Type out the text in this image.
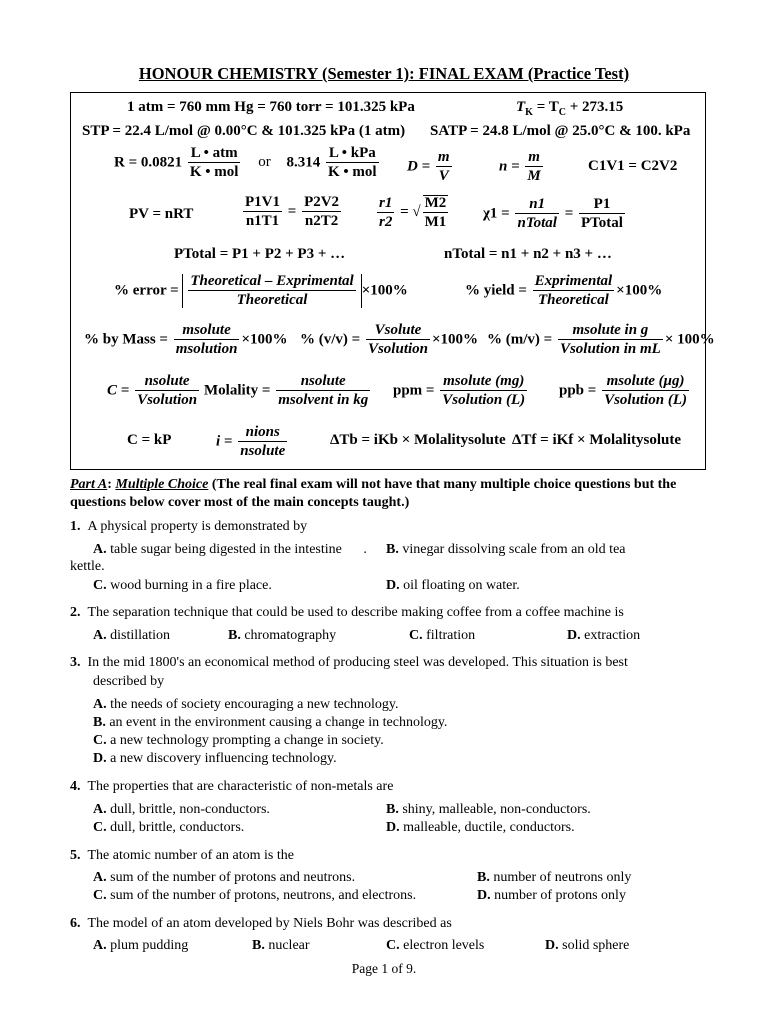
HONOUR CHEMISTRY (Semester 1): FINAL EXAM (Practice Test)
1 atm = 760 mm Hg = 760 torr = 101.325 kPa	$T_K = T_C + 273.15$
STP = 22.4 L/mol @ 0.00°C & 101.325 kPa (1 atm) SATP = 24.8 L/mol @ 25.0°C & 100. kPa
$R = 0.0821 \frac{\text{L • atm}}{\text{K • mol}}$ or $8.314 \frac{\text{L • kPa}}{\text{K • mol}}$ $D = \frac{m}{V}$	$n = \frac{m}{M}$	C1V1 = C2V2
PV = nRT	$\frac{P1V1}{n1T1} = \frac{P2V2}{n2T2} \frac{r1}{r2}$ = √ $\frac{M2}{M1} \chi 1 = \frac{n1}{\text{nTotal}} = \frac{P1}{\text{PTotal}}$
PTotal = P1 + P2 + P3 + …	nTotal = n1 + n2 + n3 + …
% error = $\frac{\text{Theoretical – Exprimental}}{\text{Theoretical}} \times 100\%$	% yield = $\frac{\text{Exprimental}}{\text{Theoretical}} \times 100\%$
% by Mass = $\frac{\text{msolute}}{\text{msolution}} \times 100\%$ % $(v/v) = \frac{\text{Vsolute}}{\text{Vsolution}} \times 100\%$ % $(m/v) = \frac{\text{msolute in g}}{\text{Vsolution in mL}} \times 100\%$
$C = \frac{\text{nsolute}}{\text{Vsolution}}$ Molality = $\frac{\text{nsolute}}{\text{msolvent in kg}}$ ppm = $\frac{\text{msolute (mg)}}{\text{Vsolution (L)}}$ ppb = $\frac{\text{msolute (μg)}}{\text{Vsolution (L)}}$
C = kP	$i = \frac{\text{nions}}{\text{nsolute}}$	ΔTb = iKb × Molalitysolute ΔTf = iKf × Molalitysolute
Part A: Multiple Choice (The real final exam will not have that many multiple choice questions but the questions below cover most of the main concepts taught.)
1. A physical property is demonstrated by
A. table sugar being digested in the intestine . B. vinegar dissolving scale from an old tea
kettle.
C. wood burning in a fire place.	D. oil floating on water.
2. The separation technique that could be used to describe making coffee from a coffee machine is
A. distillation	B. chromatography	C. filtration	D. extraction
3. In the mid 1800's an economical method of producing steel was developed. This situation is best
described by
A. the needs of society encouraging a new technology.
B. an event in the environment causing a change in technology.
C. a new technology prompting a change in society.
D. a new discovery influencing technology.
4. The properties that are characteristic of non-metals are
A. dull, brittle, non-conductors.	B. shiny, malleable, non-conductors.
C. dull, brittle, conductors.	D. malleable, ductile, conductors.
5. The atomic number of an atom is the
A. sum of the number of protons and neutrons.	B. number of neutrons only
C. sum of the number of protons, neutrons, and electrons.	D. number of protons only
6. The model of an atom developed by Niels Bohr was described as
A. plum pudding	B. nuclear	C. electron levels	D. solid sphere
Page 1 of 9.
